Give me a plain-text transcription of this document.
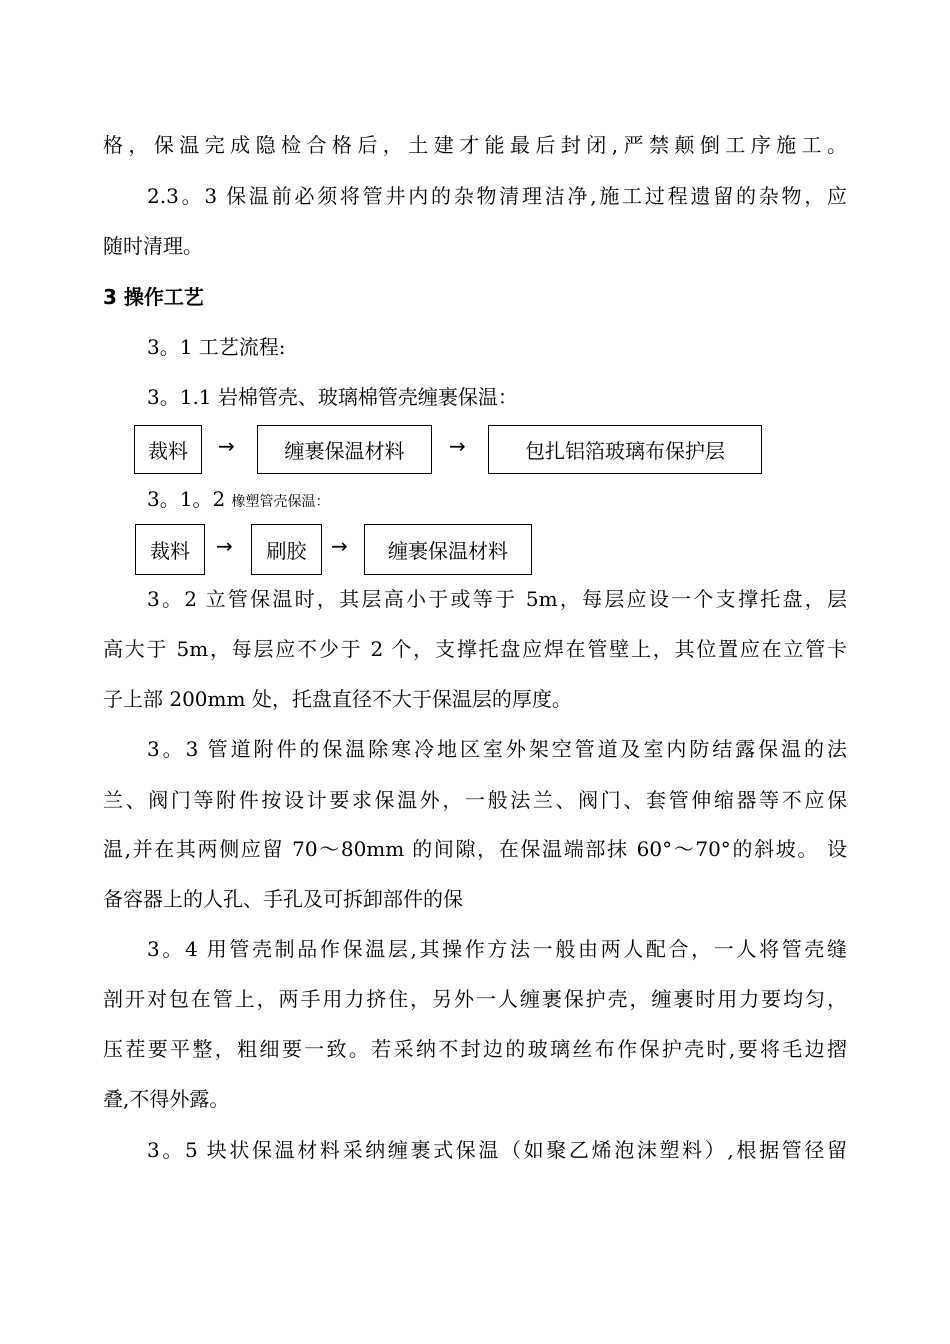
格，保温完成隐检合格后，土建才能最后封闭,严禁颠倒工序施工。
2.3。3 保温前必须将管井内的杂物清理洁净,施工过程遗留的杂物，应
随时清理。
3 操作工艺
3。1 工艺流程:
3。1.1 岩棉管壳、玻璃棉管壳缠裹保温：
裁料	→	缠裹保温材料	→	包扎铝箔玻璃布保护层
3。1。2 橡塑管壳保温：
裁料	→	刷胶	→	缠裹保温材料
3。2 立管保温时，其层高小于或等于 5m，每层应设一个支撑托盘，层
高大于 5m，每层应不少于 2 个，支撑托盘应焊在管壁上，其位置应在立管卡
子上部 200mm 处，托盘直径不大于保温层的厚度。
3。3 管道附件的保温除寒冷地区室外架空管道及室内防结露保温的法
兰、阀门等附件按设计要求保温外，一般法兰、阀门、套管伸缩器等不应保
温,并在其两侧应留 70～80mm 的间隙，在保温端部抹 60°～70°的斜坡。 设
备容器上的人孔、手孔及可拆卸部件的保
3。4 用管壳制品作保温层,其操作方法一般由两人配合，一人将管壳缝
剖开对包在管上，两手用力挤住，另外一人缠裹保护壳，缠裹时用力要均匀，
压茬要平整，粗细要一致。若采纳不封边的玻璃丝布作保护壳时,要将毛边摺
叠,不得外露。
3。5 块状保温材料采纳缠裹式保温（如聚乙烯泡沫塑料）,根据管径留
